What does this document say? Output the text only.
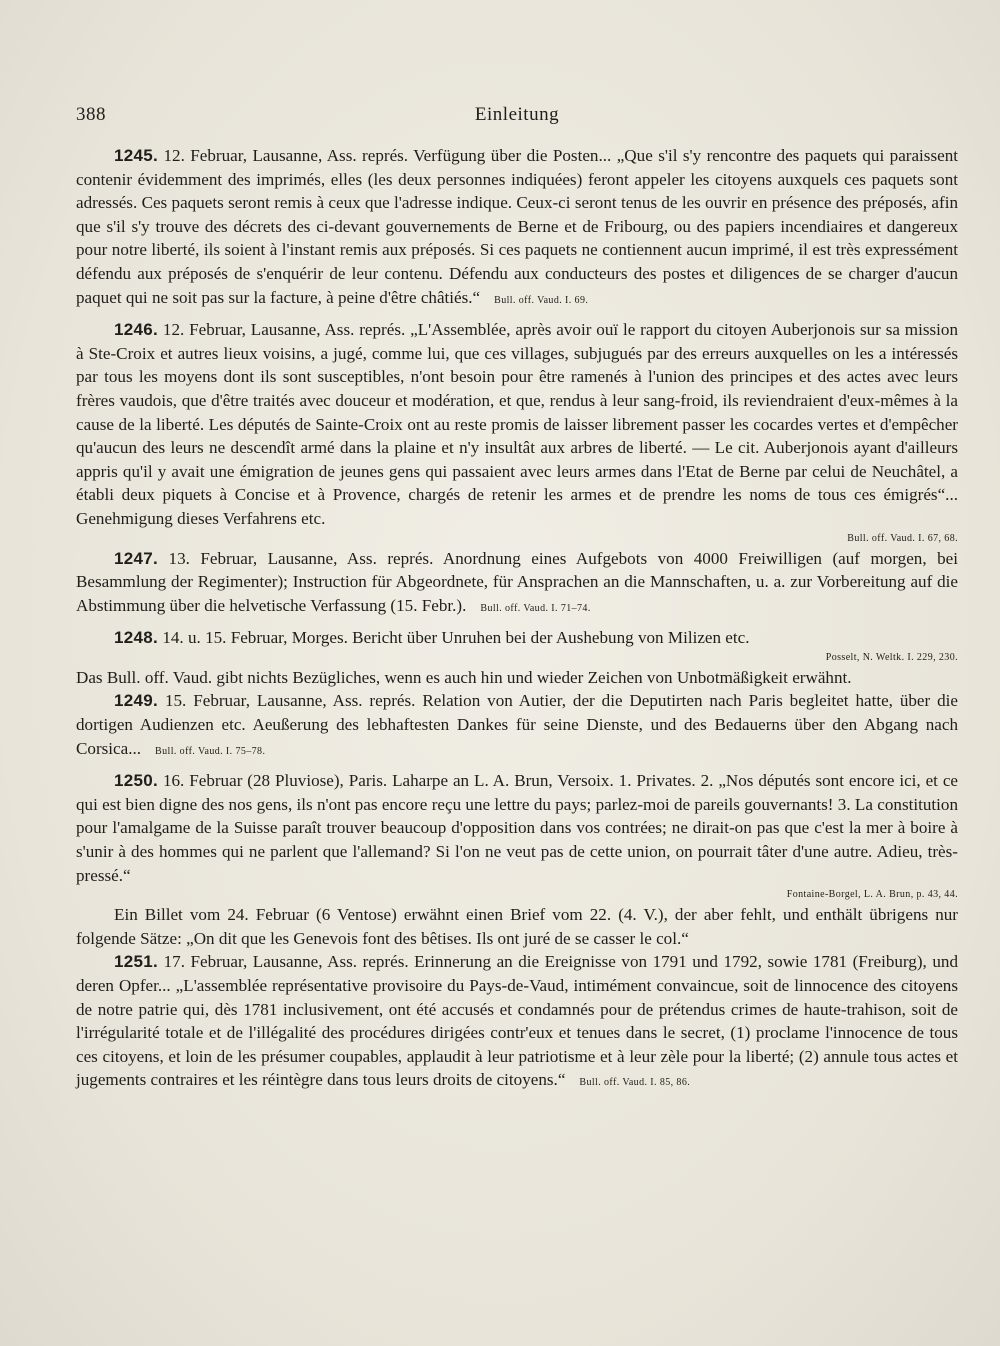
388	Einleitung

1245. 12. Februar, Lausanne, Ass. représ. Verfügung über die Posten... „Que s'il s'y rencontre des paquets qui paraissent contenir évidemment des imprimés, elles (les deux personnes indiquées) feront appeler les citoyens auxquels ces paquets sont adressés. Ces paquets seront remis à ceux que l'adresse indique. Ceux-ci seront tenus de les ouvrir en présence des préposés, afin que s'il s'y trouve des décrets des ci-devant gouvernements de Berne et de Fribourg, ou des papiers incendiaires et dangereux pour notre liberté, ils soient à l'instant remis aux préposés. Si ces paquets ne contiennent aucun imprimé, il est très expressément défendu aux préposés de s'enquérir de leur contenu. Défendu aux conducteurs des postes et diligences de se charger d'aucun paquet qui ne soit pas sur la facture, à peine d'être châtiés.“ Bull. off. Vaud. I. 69.

1246. 12. Februar, Lausanne, Ass. représ. „L'Assemblée, après avoir ouï le rapport du citoyen Auberjonois sur sa mission à Ste-Croix et autres lieux voisins, a jugé, comme lui, que ces villages, subjugués par des erreurs auxquelles on les a intéressés par tous les moyens dont ils sont susceptibles, n'ont besoin pour être ramenés à l'union des principes et des actes avec leurs frères vaudois, que d'être traités avec douceur et modération, et que, rendus à leur sang-froid, ils reviendraient d'eux-mêmes à la cause de la liberté. Les députés de Sainte-Croix ont au reste promis de laisser librement passer les cocardes vertes et d'empêcher qu'aucun des leurs ne descendît armé dans la plaine et n'y insultât aux arbres de liberté. — Le cit. Auberjonois ayant d'ailleurs appris qu'il y avait une émigration de jeunes gens qui passaient avec leurs armes dans l'Etat de Berne par celui de Neuchâtel, a établi deux piquets à Concise et à Provence, chargés de retenir les armes et de prendre les noms de tous ces émigrés“... Genehmigung dieses Verfahrens etc.

Bull. off. Vaud. I. 67, 68.

1247. 13. Februar, Lausanne, Ass. représ. Anordnung eines Aufgebots von 4000 Freiwilligen (auf morgen, bei Besammlung der Regimenter); Instruction für Abgeordnete, für Ansprachen an die Mannschaften, u. a. zur Vorbereitung auf die Abstimmung über die helvetische Verfassung (15. Febr.). Bull. off. Vaud. I. 71–74.

1248. 14. u. 15. Februar, Morges. Bericht über Unruhen bei der Aushebung von Milizen etc.

Posselt, N. Weltk. I. 229, 230.

Das Bull. off. Vaud. gibt nichts Bezügliches, wenn es auch hin und wieder Zeichen von Unbotmäßigkeit erwähnt.

1249. 15. Februar, Lausanne, Ass. représ. Relation von Autier, der die Deputirten nach Paris begleitet hatte, über die dortigen Audienzen etc. Aeußerung des lebhaftesten Dankes für seine Dienste, und des Bedauerns über den Abgang nach Corsica... Bull. off. Vaud. I. 75–78.

1250. 16. Februar (28 Pluviose), Paris. Laharpe an L. A. Brun, Versoix. 1. Privates. 2. „Nos députés sont encore ici, et ce qui est bien digne des nos gens, ils n'ont pas encore reçu une lettre du pays; parlez-moi de pareils gouvernants! 3. La constitution pour l'amalgame de la Suisse paraît trouver beaucoup d'opposition dans vos contrées; ne dirait-on pas que c'est la mer à boire à s'unir à des hommes qui ne parlent que l'allemand? Si l'on ne veut pas de cette union, on pourrait tâter d'une autre. Adieu, très-pressé.“

Fontaine-Borgel, L. A. Brun, p. 43, 44.

Ein Billet vom 24. Februar (6 Ventose) erwähnt einen Brief vom 22. (4. V.), der aber fehlt, und enthält übrigens nur folgende Sätze: „On dit que les Genevois font des bêtises. Ils ont juré de se casser le col.“

1251. 17. Februar, Lausanne, Ass. représ. Erinnerung an die Ereignisse von 1791 und 1792, sowie 1781 (Freiburg), und deren Opfer... „L'assemblée représentative provisoire du Pays-de-Vaud, intimément convaincue, soit de linnocence des citoyens de notre patrie qui, dès 1781 inclusivement, ont été accusés et condamnés pour de prétendus crimes de haute-trahison, soit de l'irrégularité totale et de l'illégalité des procédures dirigées contr'eux et tenues dans le secret, (1) proclame l'innocence de tous ces citoyens, et loin de les présumer coupables, applaudit à leur patriotisme et à leur zèle pour la liberté; (2) annule tous actes et jugements contraires et les réintègre dans tous leurs droits de citoyens.“ Bull. off. Vaud. I. 85, 86.
